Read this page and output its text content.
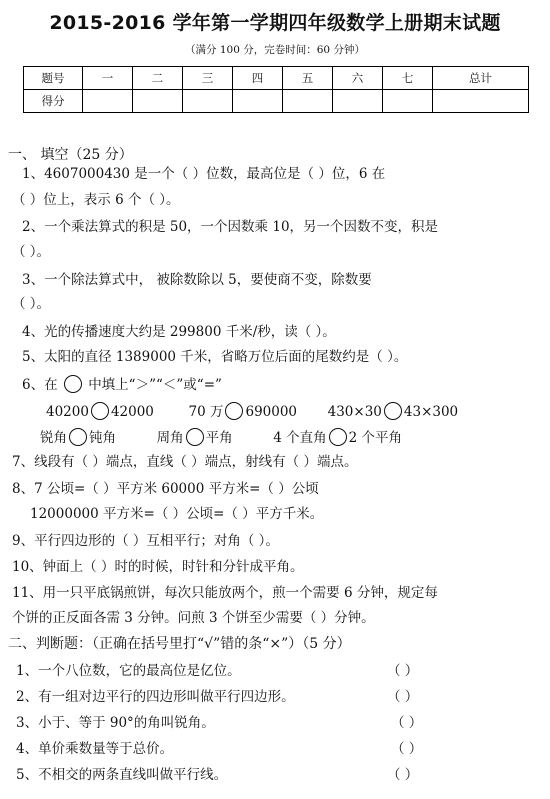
2015-2016 学年第一学期四年级数学上册期末试题
（满分 100 分，完卷时间：60 分钟）
题号	一	二	三	四	五	六	七	总计
得分								
一、 填空（25 分）
1、4607000430 是一个（ ）位数，最高位是（ ）位，6 在
（ ）位上，表示 6 个（ ）。
2、一个乘法算式的积是 50，一个因数乘 10，另一个因数不变，积是
（ ）。
3、一个除法算式中， 被除数除以 5，要使商不变，除数要
（ ）。
4、光的传播速度大约是 299800 千米/秒，读（ ）。
5、太阳的直径 1389000 千米，省略万位后面的尾数约是（ ）。
6、在 中填上“＞”“＜”或“=”
40200 42000	70 万 690000 430×30 43×300
锐角 钝角	周角 平角	4 个直角 2 个平角
7、线段有（ ）端点，直线（ ）端点，射线有（ ）端点。
8、7 公顷=（ ）平方米 60000 平方米=（ ）公顷
12000000 平方米=（ ）公顷=（ ）平方千米。
9、平行四边形的（ ）互相平行；对角（ ）。
10、钟面上（ ）时的时候，时针和分针成平角。
11、用一只平底锅煎饼，每次只能放两个，煎一个需要 6 分钟，规定每
个饼的正反面各需 3 分钟。问煎 3 个饼至少需要（ ）分钟。
二、判断题：（正确在括号里打“√”错的条“×”）（5 分）
1、一个八位数，它的最高位是亿位。	（ ）
2、有一组对边平行的四边形叫做平行四边形。	（ ）
3、小于、等于 90°的角叫锐角。	（ ）
4、单价乘数量等于总价。	（ ）
5、不相交的两条直线叫做平行线。	（ ）
